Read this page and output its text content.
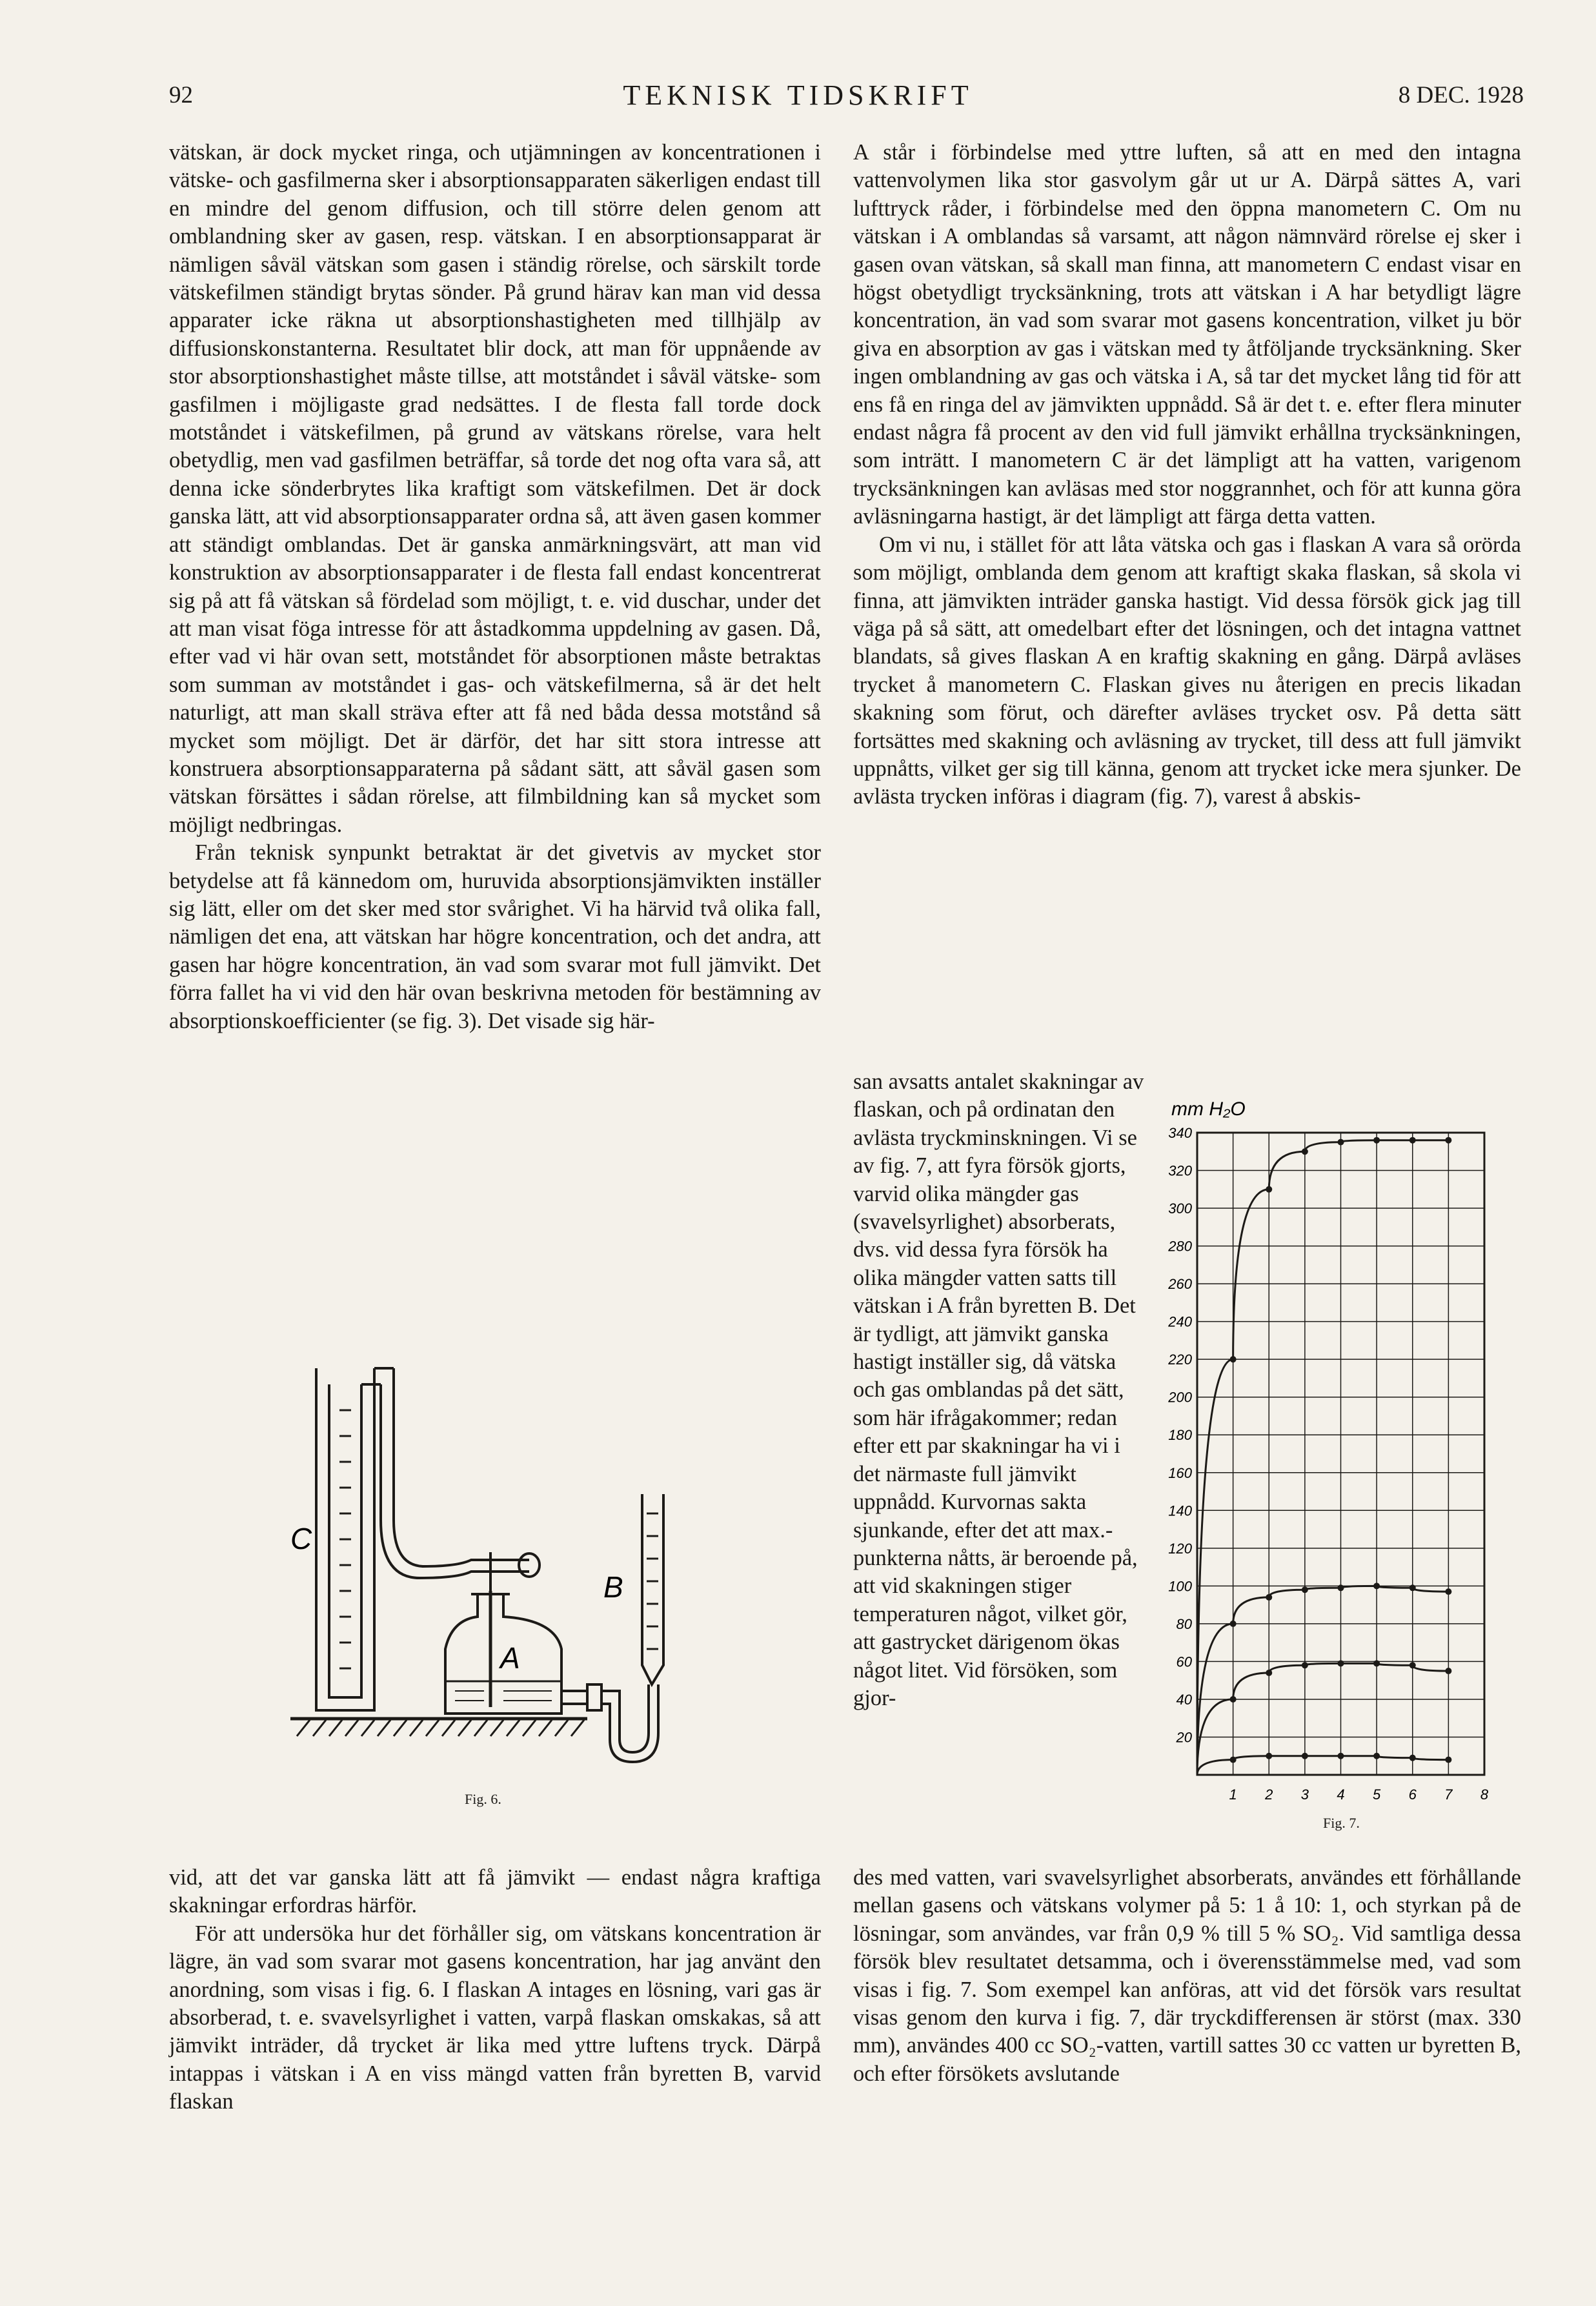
92	TEKNISK TIDSKRIFT	8 DEC. 1928

vätskan, är dock mycket ringa, och utjämningen av koncentrationen i vätske- och gasfilmerna sker i absorptionsapparaten säkerligen endast till en mindre del genom diffusion, och till större delen genom att omblandning sker av gasen, resp. vätskan. I en absorptionsapparat är nämligen såväl vätskan som gasen i ständig rörelse, och särskilt torde vätskefilmen ständigt brytas sönder. På grund härav kan man vid dessa apparater icke räkna ut absorptionshastigheten med tillhjälp av diffusionskonstanterna. Resultatet blir dock, att man för uppnående av stor absorptionshastighet måste tillse, att motståndet i såväl vätske- som gasfilmen i möjligaste grad nedsättes. I de flesta fall torde dock motståndet i vätskefilmen, på grund av vätskans rörelse, vara helt obetydlig, men vad gasfilmen beträffar, så torde det nog ofta vara så, att denna icke sönderbrytes lika kraftigt som vätskefilmen. Det är dock ganska lätt, att vid absorptionsapparater ordna så, att även gasen kommer att ständigt omblandas. Det är ganska anmärkningsvärt, att man vid konstruktion av absorptionsapparater i de flesta fall endast koncentrerat sig på att få vätskan så fördelad som möjligt, t. e. vid duschar, under det att man visat föga intresse för att åstadkomma uppdelning av gasen. Då, efter vad vi här ovan sett, motståndet för absorptionen måste betraktas som summan av motståndet i gas- och vätskefilmerna, så är det helt naturligt, att man skall sträva efter att få ned båda dessa motstånd så mycket som möjligt. Det är därför, det har sitt stora intresse att konstruera absorptionsapparaterna på sådant sätt, att såväl gasen som vätskan försättes i sådan rörelse, att filmbildning kan så mycket som möjligt nedbringas.

Från teknisk synpunkt betraktat är det givetvis av mycket stor betydelse att få kännedom om, huruvida absorptionsjämvikten inställer sig lätt, eller om det sker med stor svårighet. Vi ha härvid två olika fall, nämligen det ena, att vätskan har högre koncentration, och det andra, att gasen har högre koncentration, än vad som svarar mot full jämvikt. Det förra fallet ha vi vid den här ovan beskrivna metoden för bestämning av absorptionskoefficienter (se fig. 3). Det visade sig här-

C
A
B
Fig. 6.

vid, att det var ganska lätt att få jämvikt — endast några kraftiga skakningar erfordras härför.

För att undersöka hur det förhåller sig, om vätskans koncentration är lägre, än vad som svarar mot gasens koncentration, har jag använt den anordning, som visas i fig. 6. I flaskan A intages en lösning, vari gas är absorberad, t. e. svavelsyrlighet i vatten, varpå flaskan omskakas, så att jämvikt inträder, då trycket är lika med yttre luftens tryck. Därpå intappas i vätskan i A en viss mängd vatten från byretten B, varvid flaskan

A står i förbindelse med yttre luften, så att en med den intagna vattenvolymen lika stor gasvolym går ut ur A. Därpå sättes A, vari lufttryck råder, i förbindelse med den öppna manometern C. Om nu vätskan i A omblandas så varsamt, att någon nämnvärd rörelse ej sker i gasen ovan vätskan, så skall man finna, att manometern C endast visar en högst obetydligt trycksänkning, trots att vätskan i A har betydligt lägre koncentration, än vad som svarar mot gasens koncentration, vilket ju bör giva en absorption av gas i vätskan med ty åtföljande trycksänkning. Sker ingen omblandning av gas och vätska i A, så tar det mycket lång tid för att ens få en ringa del av jämvikten uppnådd. Så är det t. e. efter flera minuter endast några få procent av den vid full jämvikt erhållna trycksänkningen, som inträtt. I manometern C är det lämpligt att ha vatten, varigenom trycksänkningen kan avläsas med stor noggrannhet, och för att kunna göra avläsningarna hastigt, är det lämpligt att färga detta vatten.

Om vi nu, i stället för att låta vätska och gas i flaskan A vara så orörda som möjligt, omblanda dem genom att kraftigt skaka flaskan, så skola vi finna, att jämvikten inträder ganska hastigt. Vid dessa försök gick jag till väga på så sätt, att omedelbart efter det lösningen, och det intagna vattnet blandats, så gives flaskan A en kraftig skakning en gång. Därpå avläses trycket å manometern C. Flaskan gives nu återigen en precis likadan skakning som förut, och därefter avläses trycket osv. På detta sätt fortsättes med skakning och avläsning av trycket, till dess att full jämvikt uppnåtts, vilket ger sig till känna, genom att trycket icke mera sjunker. De avlästa trycken införas i diagram (fig. 7), varest å abskis-

san avsatts antalet skakningar av flaskan, och på ordinatan den avlästa tryckminskningen. Vi se av fig. 7, att fyra försök gjorts, varvid olika mängder gas (svavelsyrlighet) absorberats, dvs. vid dessa fyra försök ha olika mängder vatten satts till vätskan i A från byretten B. Det är tydligt, att jämvikt ganska hastigt inställer sig, då vätska och gas omblandas på det sätt, som här ifrågakommer; redan efter ett par skakningar ha vi i det närmaste full jämvikt uppnådd. Kurvornas sakta sjunkande, efter det att max.-punkterna nåtts, är beroende på, att vid skakningen stiger temperaturen något, vilket gör, att gastrycket därigenom ökas något litet. Vid försöken, som gjor-

mm H₂O
20
40
60
80
100
120
140
160
180
200
220
240
260
280
300
320
340
1 2 3 4 5 6 7 8
Fig. 7.

des med vatten, vari svavelsyrlighet absorberats, användes ett förhållande mellan gasens och vätskans volymer på 5: 1 å 10: 1, och styrkan på de lösningar, som användes, var från 0,9 % till 5 % SO₂. Vid samtliga dessa försök blev resultatet detsamma, och i överensstämmelse med, vad som visas i fig. 7. Som exempel kan anföras, att vid det försök vars resultat visas genom den kurva i fig. 7, där tryckdifferensen är störst (max. 330 mm), användes 400 cc SO₂-vatten, vartill sattes 30 cc vatten ur byretten B, och efter försökets avslutande
